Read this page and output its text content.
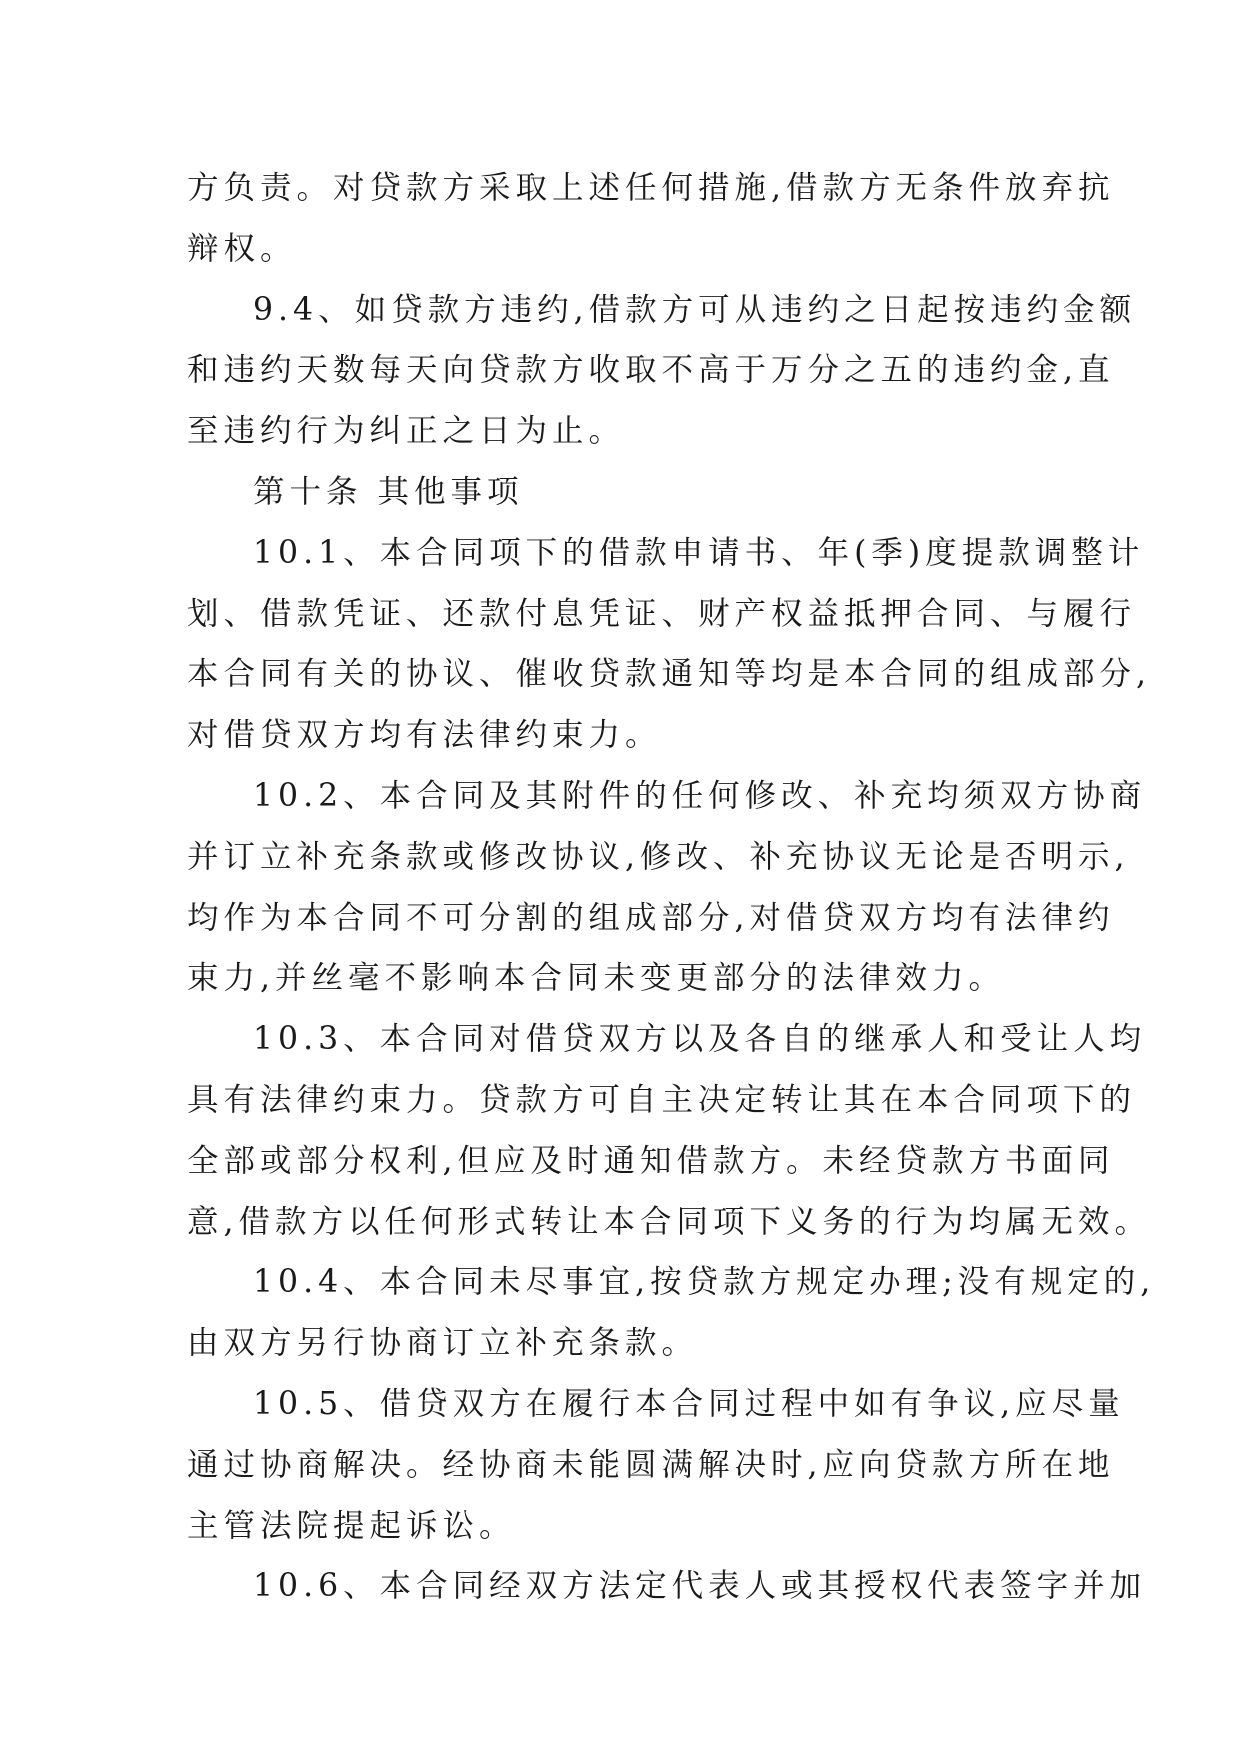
方负责。对贷款方采取上述任何措施,借款方无条件放弃抗

辩权。

9.4、如贷款方违约,借款方可从违约之日起按违约金额

和违约天数每天向贷款方收取不高于万分之五的违约金,直

至违约行为纠正之日为止。

第十条 其他事项

10.1、本合同项下的借款申请书、年(季)度提款调整计

划、借款凭证、还款付息凭证、财产权益抵押合同、与履行

本合同有关的协议、催收贷款通知等均是本合同的组成部分,

对借贷双方均有法律约束力。

10.2、本合同及其附件的任何修改、补充均须双方协商

并订立补充条款或修改协议,修改、补充协议无论是否明示,

均作为本合同不可分割的组成部分,对借贷双方均有法律约

束力,并丝毫不影响本合同未变更部分的法律效力。

10.3、本合同对借贷双方以及各自的继承人和受让人均

具有法律约束力。贷款方可自主决定转让其在本合同项下的

全部或部分权利,但应及时通知借款方。未经贷款方书面同

意,借款方以任何形式转让本合同项下义务的行为均属无效。

10.4、本合同未尽事宜,按贷款方规定办理;没有规定的,

由双方另行协商订立补充条款。

10.5、借贷双方在履行本合同过程中如有争议,应尽量

通过协商解决。经协商未能圆满解决时,应向贷款方所在地

主管法院提起诉讼。

10.6、本合同经双方法定代表人或其授权代表签字并加
